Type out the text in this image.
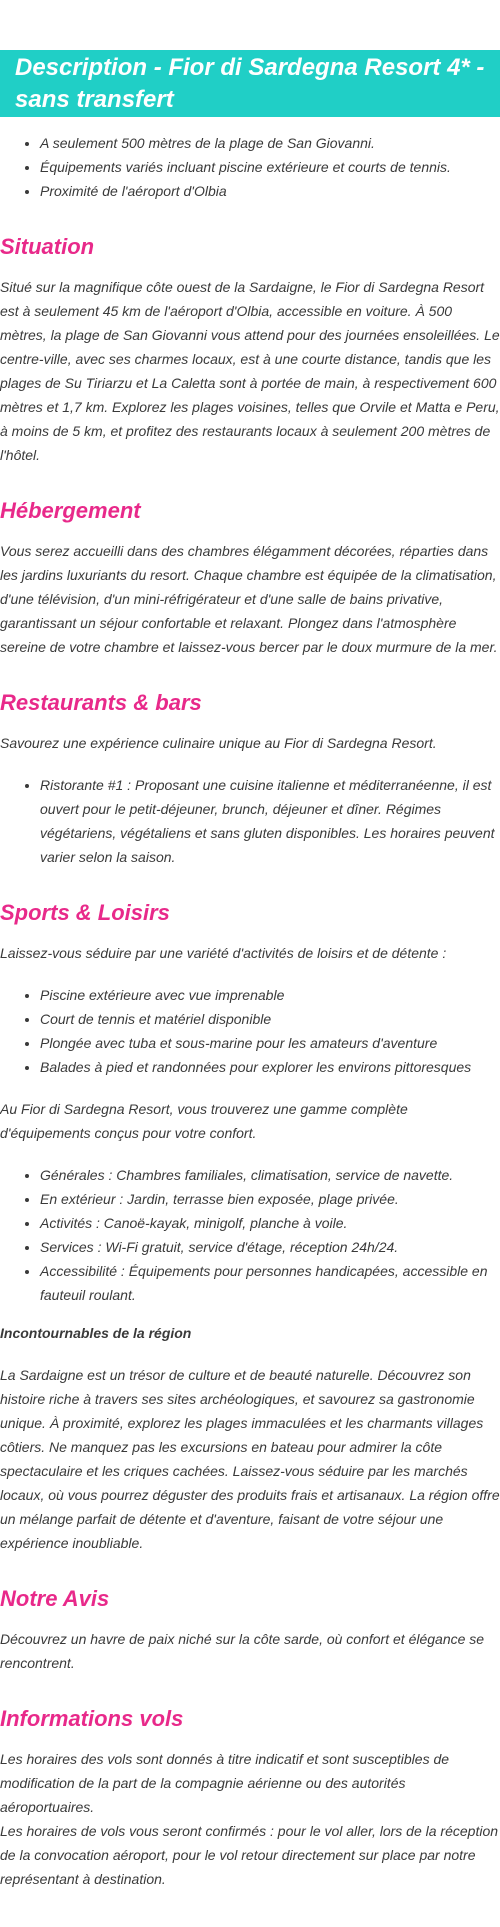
Description - Fior di Sardegna Resort 4* - sans transfert
• A seulement 500 mètres de la plage de San Giovanni.
• Équipements variés incluant piscine extérieure et courts de tennis.
• Proximité de l'aéroport d'Olbia
Situation

Situé sur la magnifique côte ouest de la Sardaigne, le Fior di Sardegna Resort est à seulement 45 km de l'aéroport d'Olbia, accessible en voiture. À 500 mètres, la plage de San Giovanni vous attend pour des journées ensoleillées. Le centre-ville, avec ses charmes locaux, est à une courte distance, tandis que les plages de Su Tiriarzu et La Caletta sont à portée de main, à respectivement 600 mètres et 1,7 km. Explorez les plages voisines, telles que Orvile et Matta e Peru, à moins de 5 km, et profitez des restaurants locaux à seulement 200 mètres de l'hôtel.

Hébergement

Vous serez accueilli dans des chambres élégamment décorées, réparties dans les jardins luxuriants du resort. Chaque chambre est équipée de la climatisation, d'une télévision, d'un mini-réfrigérateur et d'une salle de bains privative, garantissant un séjour confortable et relaxant. Plongez dans l'atmosphère sereine de votre chambre et laissez-vous bercer par le doux murmure de la mer.

Restaurants & bars

Savourez une expérience culinaire unique au Fior di Sardegna Resort.

• Ristorante #1 : Proposant une cuisine italienne et méditerranéenne, il est ouvert pour le petit-déjeuner, brunch, déjeuner et dîner. Régimes végétariens, végétaliens et sans gluten disponibles. Les horaires peuvent varier selon la saison.
Sports & Loisirs

Laissez-vous séduire par une variété d'activités de loisirs et de détente :

• Piscine extérieure avec vue imprenable
• Court de tennis et matériel disponible
• Plongée avec tuba et sous-marine pour les amateurs d'aventure
• Balades à pied et randonnées pour explorer les environs pittoresques

Au Fior di Sardegna Resort, vous trouverez une gamme complète d'équipements conçus pour votre confort.

• Générales : Chambres familiales, climatisation, service de navette.
• En extérieur : Jardin, terrasse bien exposée, plage privée.
• Activités : Canoë-kayak, minigolf, planche à voile.
• Services : Wi-Fi gratuit, service d'étage, réception 24h/24.
• Accessibilité : Équipements pour personnes handicapées, accessible en fauteuil roulant.

Incontournables de la région

La Sardaigne est un trésor de culture et de beauté naturelle. Découvrez son histoire riche à travers ses sites archéologiques, et savourez sa gastronomie unique. À proximité, explorez les plages immaculées et les charmants villages côtiers. Ne manquez pas les excursions en bateau pour admirer la côte spectaculaire et les criques cachées. Laissez-vous séduire par les marchés locaux, où vous pourrez déguster des produits frais et artisanaux. La région offre un mélange parfait de détente et d'aventure, faisant de votre séjour une expérience inoubliable.

Notre Avis

Découvrez un havre de paix niché sur la côte sarde, où confort et élégance se rencontrent.

Informations vols

Les horaires des vols sont donnés à titre indicatif et sont susceptibles de modification de la part de la compagnie aérienne ou des autorités aéroportuaires.

Les horaires de vols vous seront confirmés : pour le vol aller, lors de la réception de la convocation aéroport, pour le vol retour directement sur place par notre représentant à destination.
